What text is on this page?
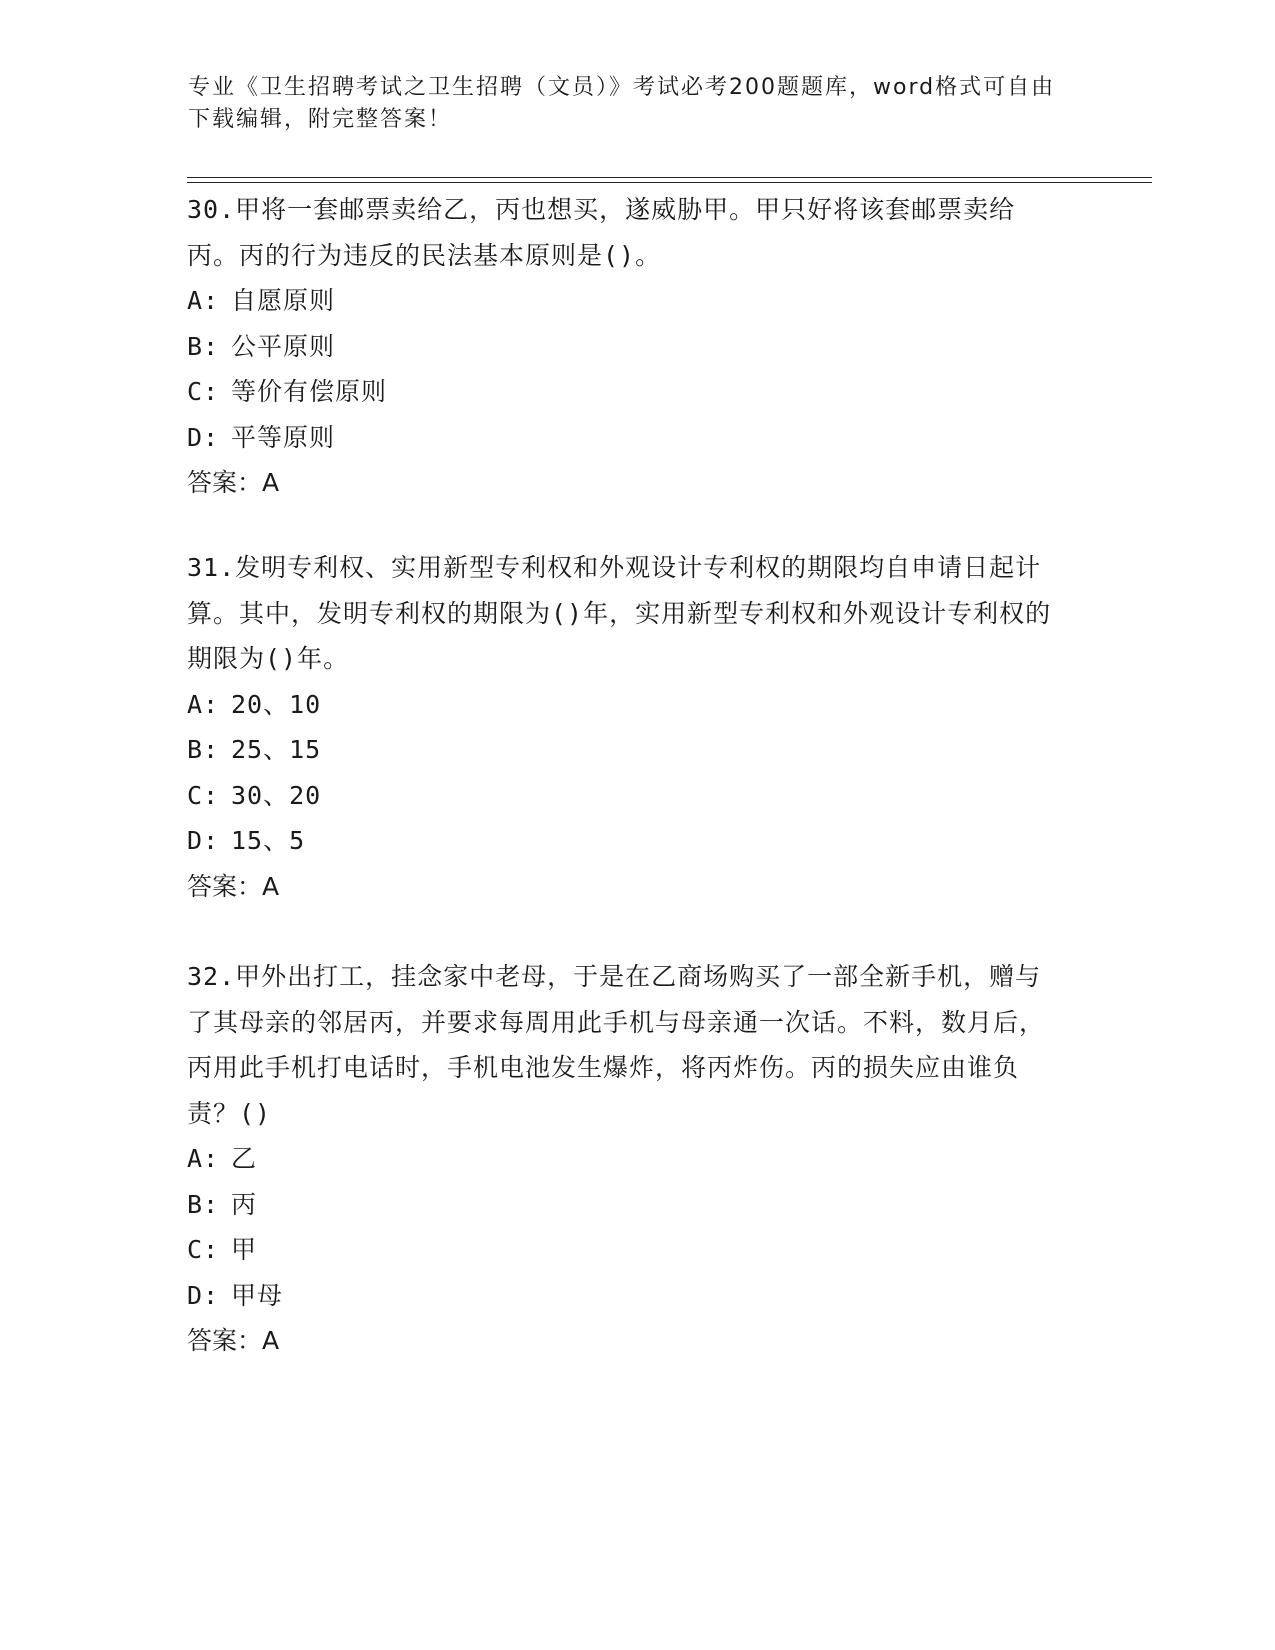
专业《卫生招聘考试之卫生招聘（文员）》考试必考200题题库，word格式可自由下载编辑，附完整答案！

30.甲将一套邮票卖给乙，丙也想买，遂威胁甲。甲只好将该套邮票卖给丙。丙的行为违反的民法基本原则是()。

A: 自愿原则

B: 公平原则

C: 等价有偿原则

D: 平等原则

答案：A

31.发明专利权、实用新型专利权和外观设计专利权的期限均自申请日起计算。其中，发明专利权的期限为()年，实用新型专利权和外观设计专利权的期限为()年。

A: 20、10

B: 25、15

C: 30、20

D: 15、5

答案：A

32.甲外出打工，挂念家中老母，于是在乙商场购买了一部全新手机，赠与了其母亲的邻居丙，并要求每周用此手机与母亲通一次话。不料，数月后，丙用此手机打电话时，手机电池发生爆炸，将丙炸伤。丙的损失应由谁负责？()

A: 乙

B: 丙

C: 甲

D: 甲母

答案：A
